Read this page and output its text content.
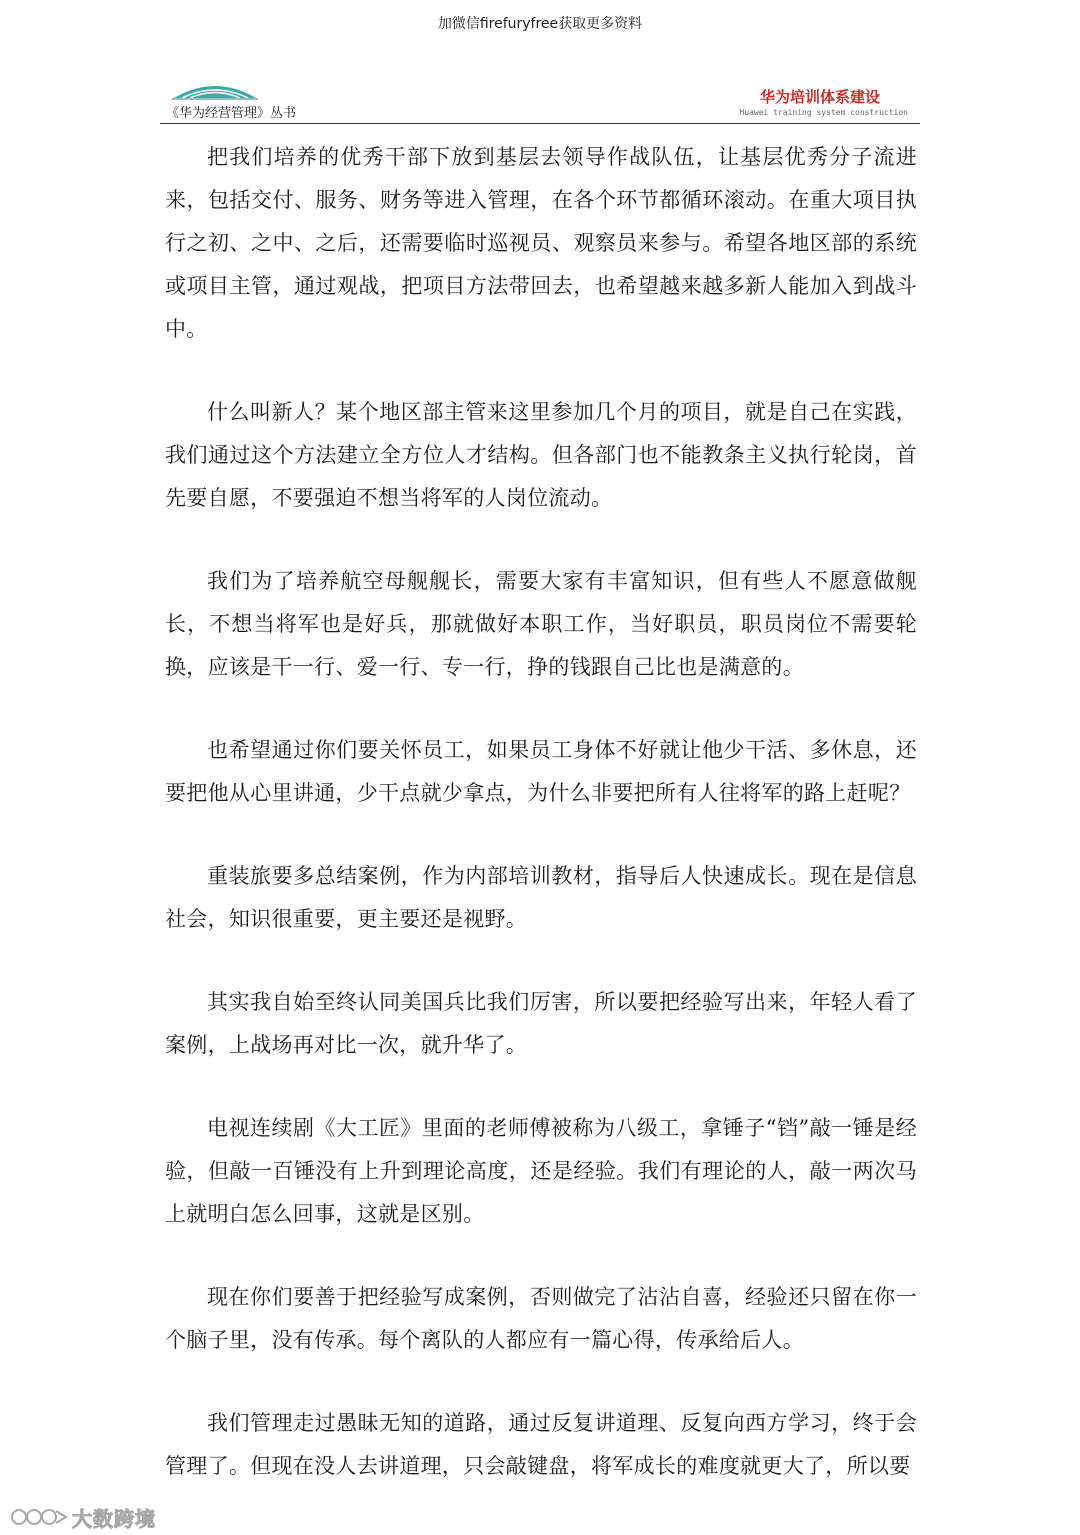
加微信firefuryfree获取更多资料
《华为经营管理》丛书
华为培训体系建设
Huawei training system construction

把我们培养的优秀干部下放到基层去领导作战队伍，让基层优秀分子流进来，包括交付、服务、财务等进入管理，在各个环节都循环滚动。在重大项目执行之初、之中、之后，还需要临时巡视员、观察员来参与。希望各地区部的系统或项目主管，通过观战，把项目方法带回去，也希望越来越多新人能加入到战斗中。

什么叫新人？某个地区部主管来这里参加几个月的项目，就是自己在实践，我们通过这个方法建立全方位人才结构。但各部门也不能教条主义执行轮岗，首先要自愿，不要强迫不想当将军的人岗位流动。

我们为了培养航空母舰舰长，需要大家有丰富知识，但有些人不愿意做舰长，不想当将军也是好兵，那就做好本职工作，当好职员，职员岗位不需要轮换，应该是干一行、爱一行、专一行，挣的钱跟自己比也是满意的。

也希望通过你们要关怀员工，如果员工身体不好就让他少干活、多休息，还要把他从心里讲通，少干点就少拿点，为什么非要把所有人往将军的路上赶呢？

重装旅要多总结案例，作为内部培训教材，指导后人快速成长。现在是信息社会，知识很重要，更主要还是视野。

其实我自始至终认同美国兵比我们厉害，所以要把经验写出来，年轻人看了案例，上战场再对比一次，就升华了。

电视连续剧《大工匠》里面的老师傅被称为八级工，拿锤子“铛”敲一锤是经验，但敲一百锤没有上升到理论高度，还是经验。我们有理论的人，敲一两次马上就明白怎么回事，这就是区别。

现在你们要善于把经验写成案例，否则做完了沾沾自喜，经验还只留在你一个脑子里，没有传承。每个离队的人都应有一篇心得，传承给后人。

我们管理走过愚昧无知的道路，通过反复讲道理、反复向西方学习，终于会管理了。但现在没人去讲道理，只会敲键盘，将军成长的难度就更大了，所以要

大数跨境
